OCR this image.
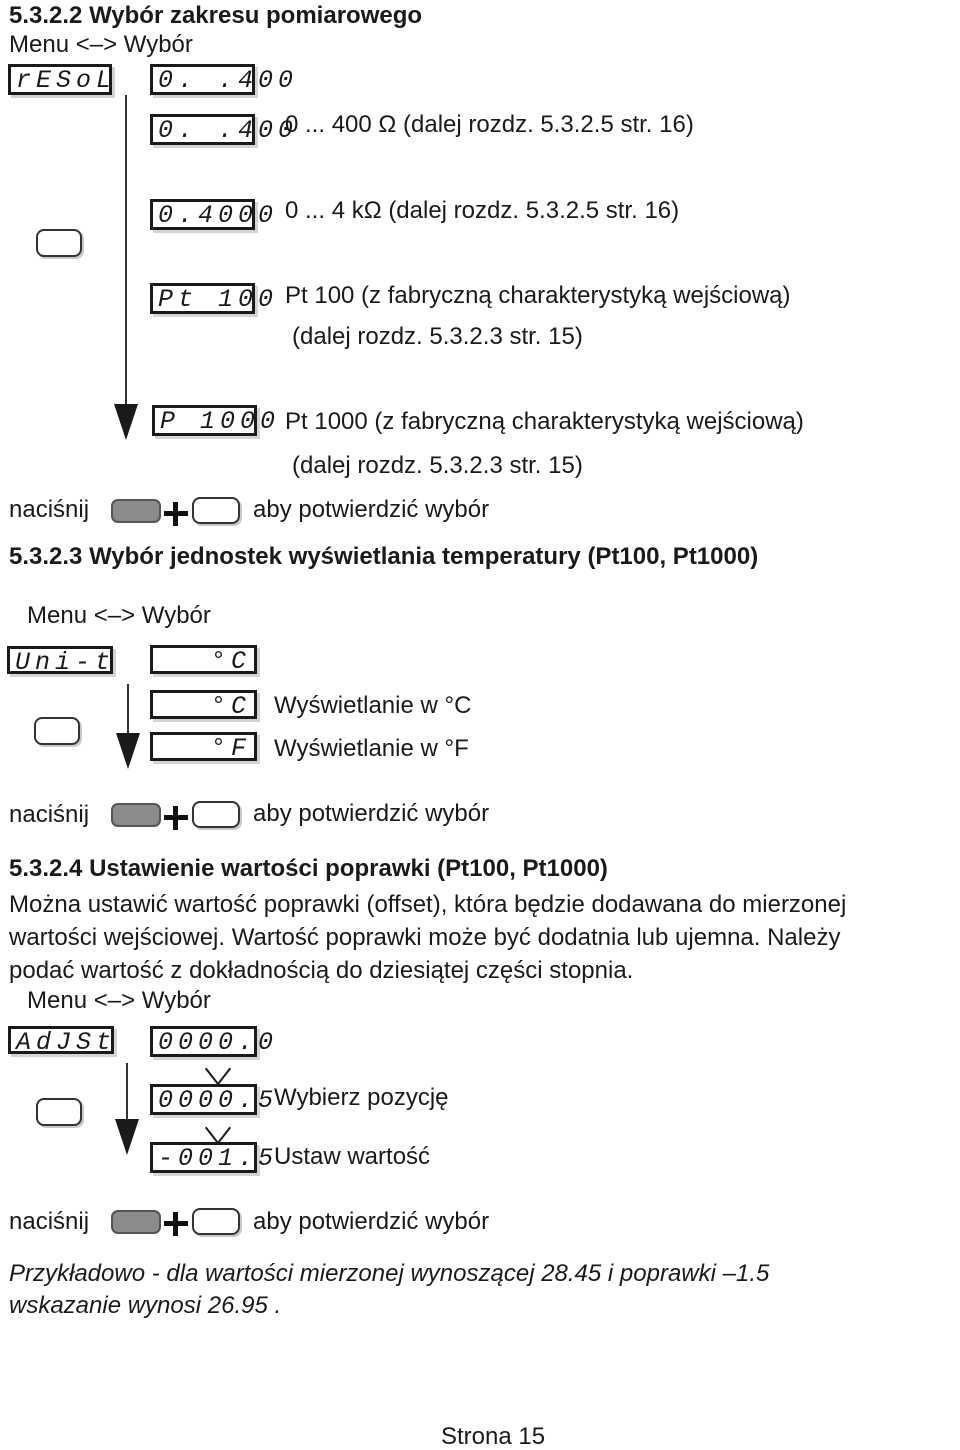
5.3.2.2 Wybór zakresu pomiarowego
Menu <–> Wybór
rESoL	0. .400
0. .400
0 ... 400 Ω (dalej rozdz. 5.3.2.5 str. 16)
0.4000 0 ... 4 kΩ (dalej rozdz. 5.3.2.5 str. 16)
Pt 100 Pt 100 (z fabryczną charakterystyką wejściową)
(dalej rozdz. 5.3.2.3 str. 15)
P 1000 Pt 1000 (z fabryczną charakterystyką wejściową)
(dalej rozdz. 5.3.2.3 str. 15)
naciśnij	aby potwierdzić wybór
5.3.2.3 Wybór jednostek wyświetlania temperatury (Pt100, Pt1000)
Menu <–> Wybór
Uni-t	°C
°C Wyświetlanie w °C
°F Wyświetlanie w °F
naciśnij	aby potwierdzić wybór
5.3.2.4 Ustawienie wartości poprawki (Pt100, Pt1000)
Można ustawić wartość poprawki (offset), która będzie dodawana do mierzonej
wartości wejściowej. Wartość poprawki może być dodatnia lub ujemna. Należy
podać wartość z dokładnością do dziesiątej części stopnia.
Menu <–> Wybór
AdJSt	0000.0
0000.5
Wybierz pozycję
-001.5
Ustaw wartość
naciśnij	aby potwierdzić wybór
Przykładowo - dla wartości mierzonej wynoszącej 28.45 i poprawki –1.5
wskazanie wynosi 26.95 .
Strona 15
